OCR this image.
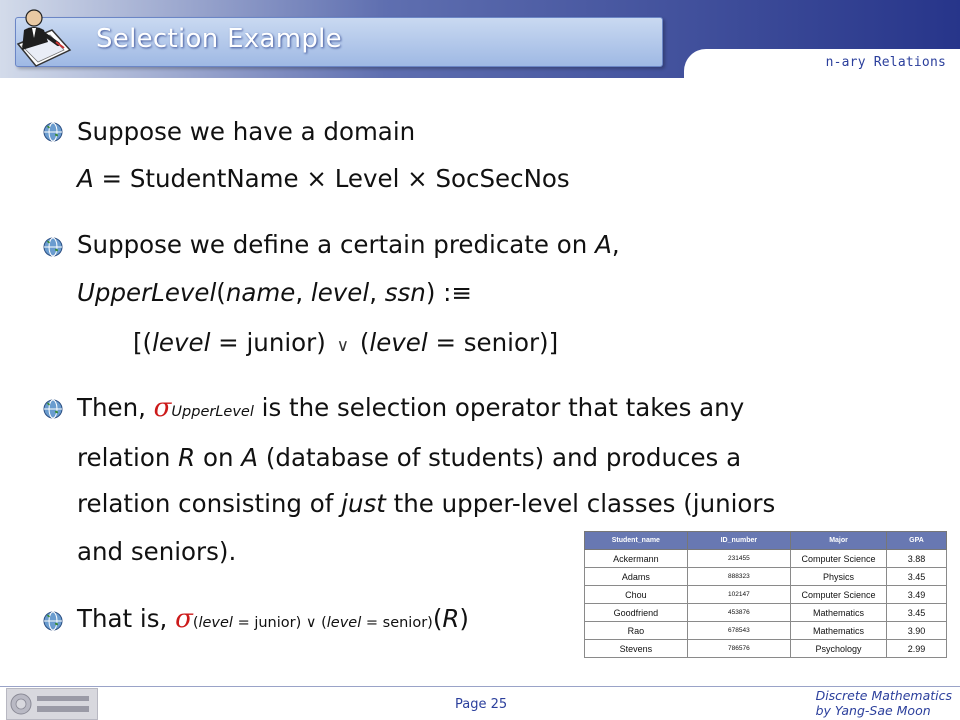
n-ary Relations
Selection Example
Suppose we have a domain
A = StudentName × Level × SocSecNos
Suppose we define a certain predicate on A,
UpperLevel(name, level, ssn) :≡
[(level = junior) ∨ (level = senior)]
Then, σUpperLevel is the selection operator that takes any
relation R on A (database of students) and produces a
relation consisting of just the upper-level classes (juniors
and seniors).
That is, σ(level = junior) ∨ (level = senior)(R)
Student_name	ID_number	Major	GPA
Ackermann	231455	Computer Science	3.88
Adams	888323	Physics	3.45
Chou	102147	Computer Science	3.49
Goodfriend	453876	Mathematics	3.45
Rao	678543	Mathematics	3.90
Stevens	786576	Psychology	2.99
Page 25
Discrete Mathematics
by Yang-Sae Moon
